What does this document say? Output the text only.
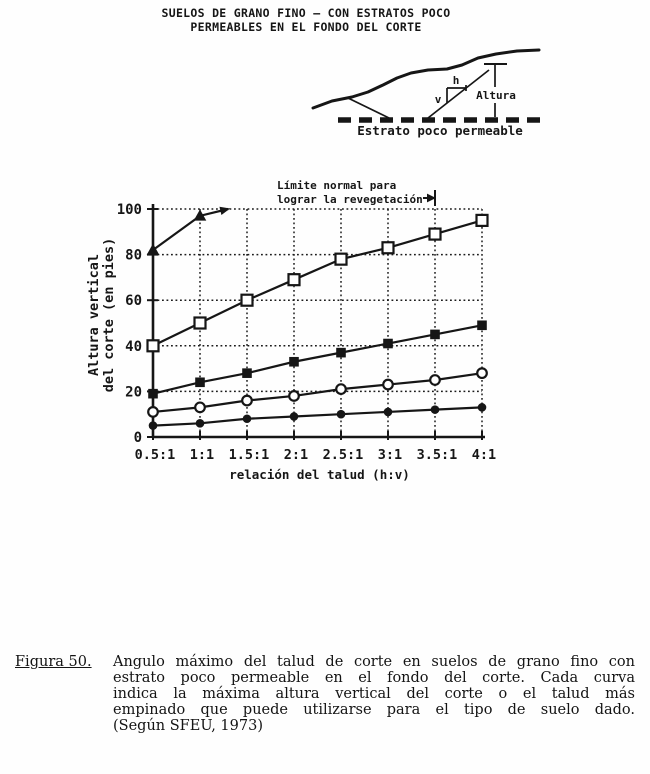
SUELOS DE GRANO FINO – CON ESTRATOS POCO
PERMEABLES EN EL FONDO DEL CORTE
h
v	Altura
Estrato poco permeable
0
20
40
60
80
100
0.5:1 1:1 1.5:1 2:1 2.5:1 3:1 3.5:1 4:1
relación del talud (h:v)
Altura vertical del corte (en pies)
Límite normal para
lograr la revegetación
Figura 50. Angulo máximo del talud de corte en suelos de grano fino con
estrato poco permeable en el fondo del corte. Cada curva
indica la máxima altura vertical del corte o el talud más
empinado que puede utilizarse para el tipo de suelo dado.
(Según SFEU, 1973)
